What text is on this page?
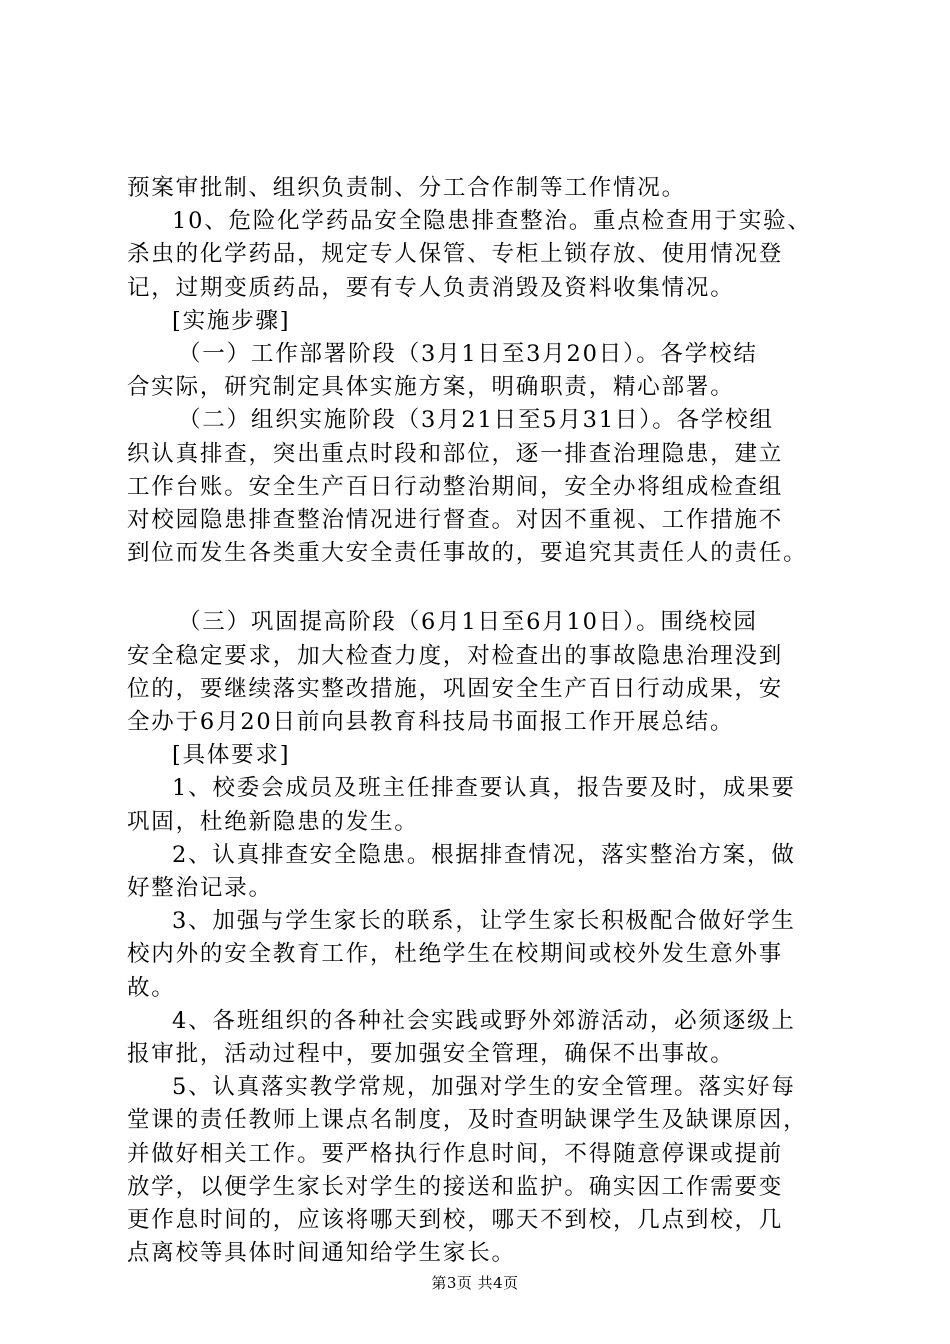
预案审批制、组织负责制、分工合作制等工作情况。
10、危险化学药品安全隐患排查整治。重点检查用于实验、
杀虫的化学药品，规定专人保管、专柜上锁存放、使用情况登
记，过期变质药品，要有专人负责消毁及资料收集情况。
[实施步骤]
（一）工作部署阶段（3月1日至3月20日）。各学校结
合实际，研究制定具体实施方案，明确职责，精心部署。
（二）组织实施阶段（3月21日至5月31日）。各学校组
织认真排查，突出重点时段和部位，逐一排查治理隐患，建立
工作台账。安全生产百日行动整治期间，安全办将组成检查组
对校园隐患排查整治情况进行督查。对因不重视、工作措施不
到位而发生各类重大安全责任事故的，要追究其责任人的责任。
（三）巩固提高阶段（6月1日至6月10日）。围绕校园
安全稳定要求，加大检查力度，对检查出的事故隐患治理没到
位的，要继续落实整改措施，巩固安全生产百日行动成果，安
全办于6月20日前向县教育科技局书面报工作开展总结。
[具体要求]
1、校委会成员及班主任排查要认真，报告要及时，成果要
巩固，杜绝新隐患的发生。
2、认真排查安全隐患。根据排查情况，落实整治方案，做
好整治记录。
3、加强与学生家长的联系，让学生家长积极配合做好学生
校内外的安全教育工作，杜绝学生在校期间或校外发生意外事
故。
4、各班组织的各种社会实践或野外郊游活动，必须逐级上
报审批，活动过程中，要加强安全管理，确保不出事故。
5、认真落实教学常规，加强对学生的安全管理。落实好每
堂课的责任教师上课点名制度，及时查明缺课学生及缺课原因，
并做好相关工作。要严格执行作息时间，不得随意停课或提前
放学，以便学生家长对学生的接送和监护。确实因工作需要变
更作息时间的，应该将哪天到校，哪天不到校，几点到校，几
点离校等具体时间通知给学生家长。
第3页 共4页
